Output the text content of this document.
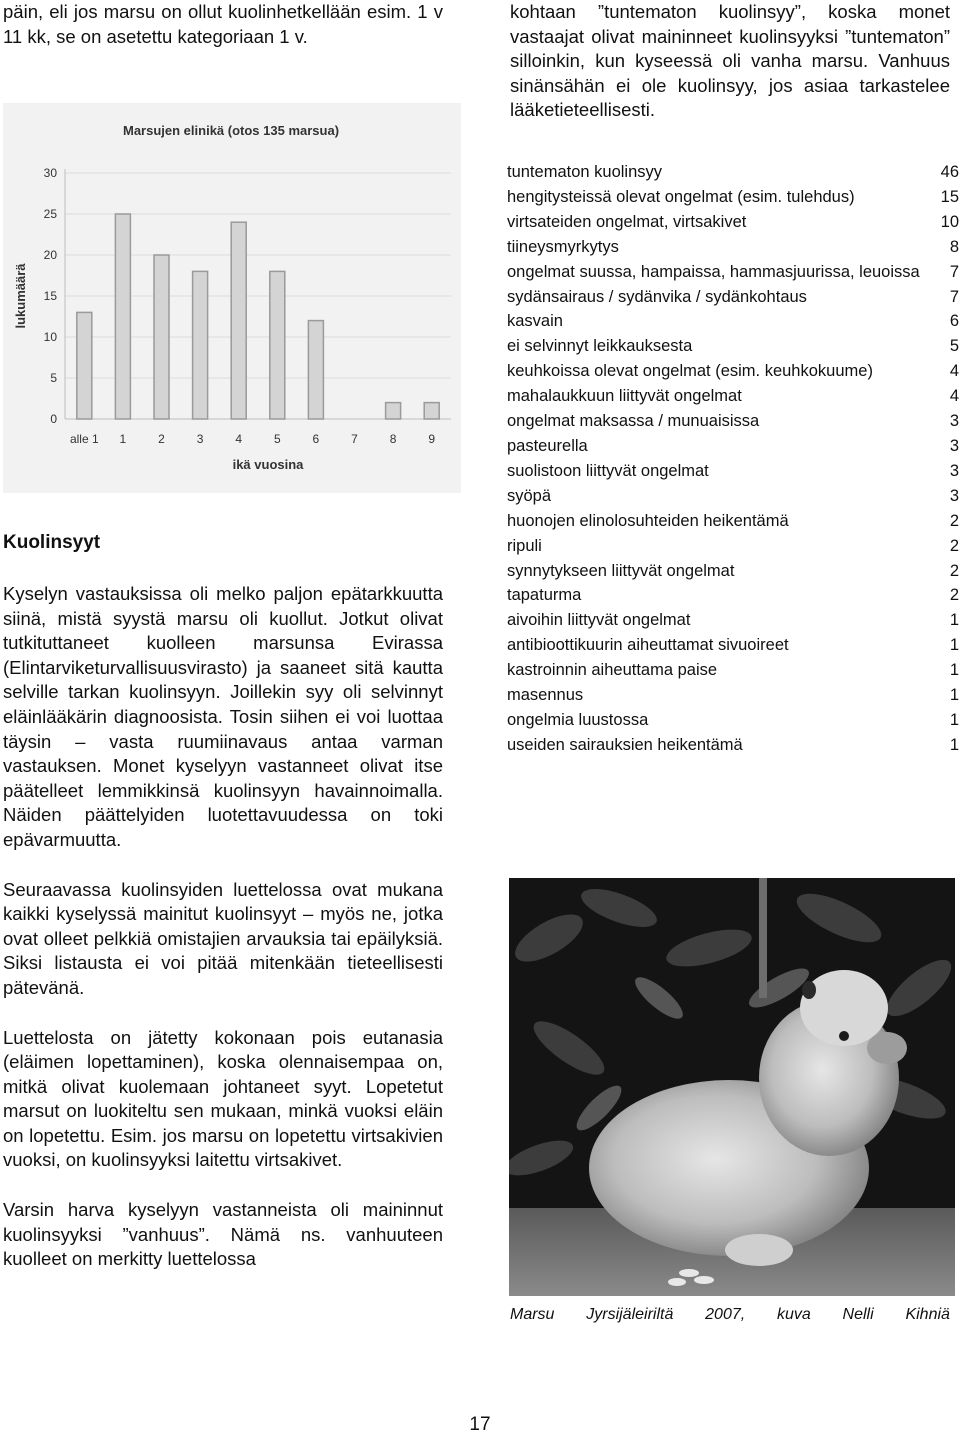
päin, eli jos marsu on ollut kuolinhetkellään esim. 1 v 11 kk, se on asetettu kategoriaan 1 v.

kohtaan ”tuntematon kuolinsyy”, koska monet vastaajat olivat maininneet kuolinsyyksi ”tuntematon” silloinkin, kun kyseessä oli vanha marsu. Vanhuus sinänsähän ei ole kuolinsyy, jos asiaa tarkastelee lääketieteellisesti.

Marsujen elinikä (otos 135 marsua)
0
5
10
15
20
25
30
alle 1 1	2	3	4	5	6	7	8	9
ikä vuosina
lukumäärä
Kuolinsyyt

Kyselyn vastauksissa oli melko paljon epätarkkuutta siinä, mistä syystä marsu oli kuollut. Jotkut olivat tutkituttaneet kuolleen marsunsa Evirassa (Elintarviketurvallisuusvirasto) ja saaneet sitä kautta selville tarkan kuolinsyyn. Joillekin syy oli selvinnyt eläinlääkärin diagnoosista. Tosin siihen ei voi luottaa täysin – vasta ruumiinavaus antaa varman vastauksen. Monet kyselyyn vastanneet olivat itse päätelleet lemmikkinsä kuolinsyyn havainnoimalla. Näiden päättelyiden luotettavuudessa on toki epävarmuutta.

Seuraavassa kuolinsyiden luettelossa ovat mukana kaikki kyselyssä mainitut kuolinsyyt – myös ne, jotka ovat olleet pelkkiä omistajien arvauksia tai epäilyksiä. Siksi listausta ei voi pitää mitenkään tieteellisesti pätevänä.

Luettelosta on jätetty kokonaan pois eutanasia (eläimen lopettaminen), koska olennaisempaa on, mitkä olivat kuolemaan johtaneet syyt. Lopetetut marsut on luokiteltu sen mukaan, minkä vuoksi eläin on lopetettu. Esim. jos marsu on lopetettu virtsakivien vuoksi, on kuolinsyyksi laitettu virtsakivet.

Varsin harva kyselyyn vastanneista oli maininnut kuolinsyyksi ”vanhuus”. Nämä ns. vanhuuteen kuolleet on merkitty luettelossa

tuntematon kuolinsyy	46
hengitysteissä olevat ongelmat (esim. tulehdus)	15
virtsateiden ongelmat, virtsakivet	10
tiineysmyrkytys	8
ongelmat suussa, hampaissa, hammasjuurissa, leuoissa	7
sydänsairaus / sydänvika / sydänkohtaus	7
kasvain	6
ei selvinnyt leikkauksesta	5
keuhkoissa olevat ongelmat (esim. keuhkokuume)	4
mahalaukkuun liittyvät ongelmat	4
ongelmat maksassa / munuaisissa	3
pasteurella	3
suolistoon liittyvät ongelmat	3
syöpä	3
huonojen elinolosuhteiden heikentämä	2
ripuli	2
synnytykseen liittyvät ongelmat	2
tapaturma	2
aivoihin liittyvät ongelmat	1
antibioottikuurin aiheuttamat sivuoireet	1
kastroinnin aiheuttama paise	1
masennus	1
ongelmia luustossa	1
useiden sairauksien heikentämä	1
Marsu Jyrsijäleiriltä 2007, kuva Nelli Kihniä
17
